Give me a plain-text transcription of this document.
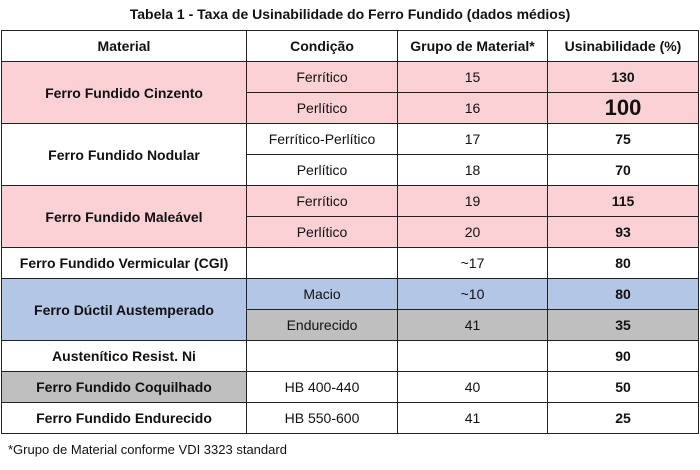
Tabela 1 - Taxa de Usinabilidade do Ferro Fundido (dados médios)
Material	Condição	Grupo de Material*	Usinabilidade (%)
Ferro Fundido Cinzento	Ferrítico	15	130
	Perlítico	16	100
Ferro Fundido Nodular	Ferrítico-Perlítico	17	75
	Perlítico	18	70
Ferro Fundido Maleável	Ferrítico	19	115
	Perlítico	20	93
Ferro Fundido Vermicular (CGI)		~17	80
Ferro Dúctil Austemperado	Macio	~10	80
	Endurecido	41	35
Austenítico Resist. Ni			90
Ferro Fundido Coquilhado	HB 400-440	40	50
Ferro Fundido Endurecido	HB 550-600	41	25
*Grupo de Material conforme VDI 3323 standard
